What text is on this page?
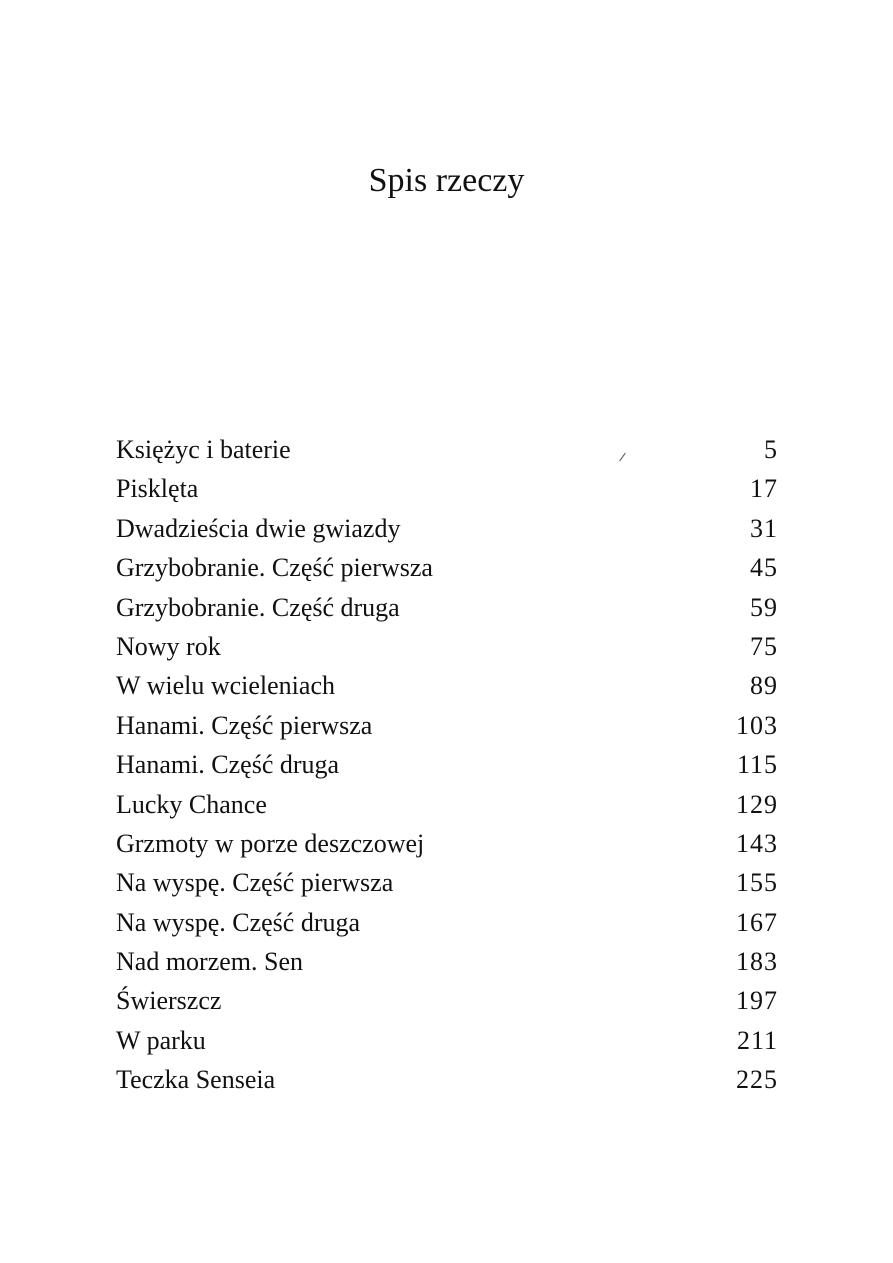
Spis rzeczy
Księżyc i baterie	5
Pisklęta	17
Dwadzieścia dwie gwiazdy	31
Grzybobranie. Część pierwsza	45
Grzybobranie. Część druga	59
Nowy rok	75
W wielu wcieleniach	89
Hanami. Część pierwsza	103
Hanami. Część druga	115
Lucky Chance	129
Grzmoty w porze deszczowej	143
Na wyspę. Część pierwsza	155
Na wyspę. Część druga	167
Nad morzem. Sen	183
Świerszcz	197
W parku	211
Teczka Senseia	225
